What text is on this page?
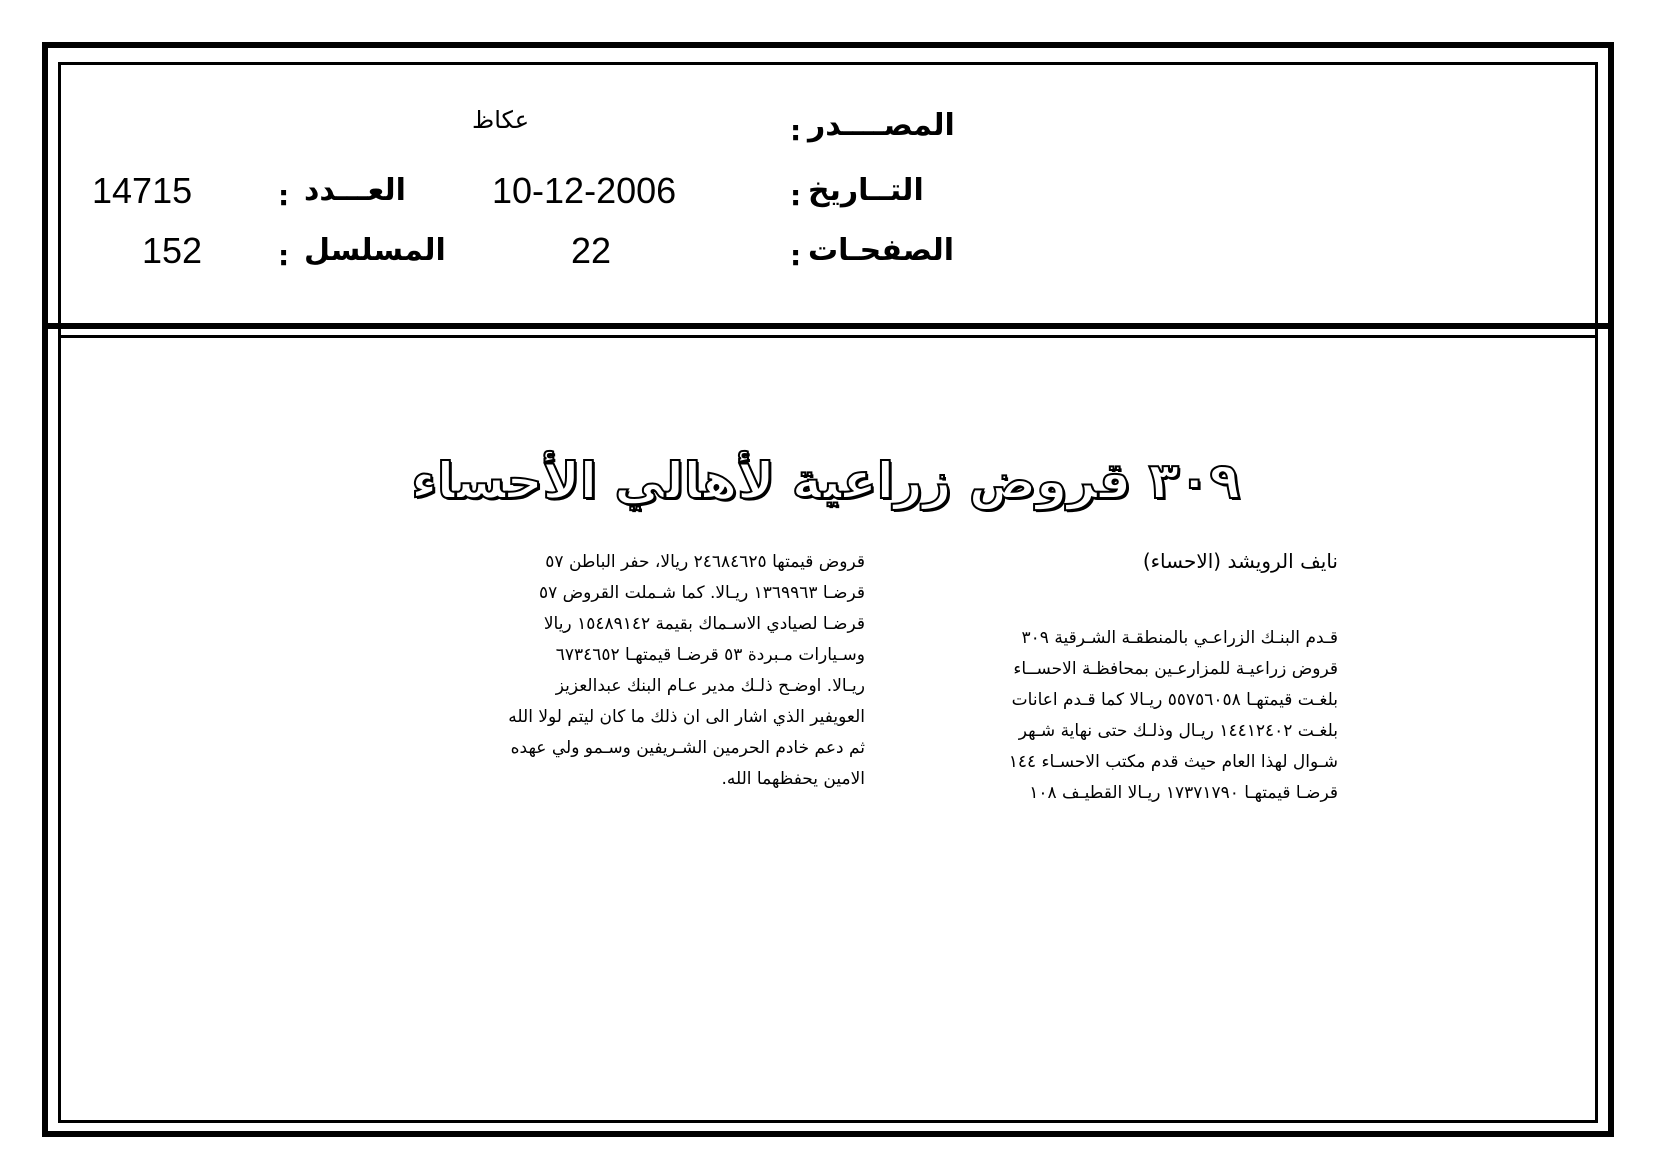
المصــــدر
:
عكاظ
التــاريخ
:
10-12-2006
العـــدد
:
14715
الصفحـات
:
22
المسلسل
:
152
٣٠٩ قروض زراعية لأهالي الأحساء
نايف الرويشد (الاحساء)
قـدم البنـك الزراعـي بالمنطقـة الشـرقية ٣٠٩
قروض زراعيـة للمزارعـين بمحافظـة الاحســاء
بلغـت قيمتهـا ٥٥٧٥٦٠٥٨ ريـالا كما قـدم اعانات
بلغـت ١٤٤١٢٤٠٢ ريـال وذلـك حتى نهاية شـهر
شـوال لهذا العام حيث قدم مكتب الاحسـاء ١٤٤
قرضـا قيمتهـا ١٧٣٧١٧٩٠ ريـالا القطيـف ١٠٨
قروض قيمتها ٢٤٦٨٤٦٢٥ ريالا، حفر الباطن ٥٧
قرضـا ١٣٦٩٩٦٣ ريـالا. كما شـملت القروض ٥٧
قرضـا لصيادي الاسـماك بقيمة ١٥٤٨٩١٤٢ ريالا
وسـيارات مـبردة ٥٣ قرضـا قيمتهـا ٦٧٣٤٦٥٢
ريـالا. اوضـح ذلـك مدير عـام البنك عبدالعزيز
العويفير الذي اشار الى ان ذلك ما كان ليتم لولا الله
ثم دعم خادم الحرمين الشـريفين وسـمو ولي عهده
الامين يحفظهما الله.
